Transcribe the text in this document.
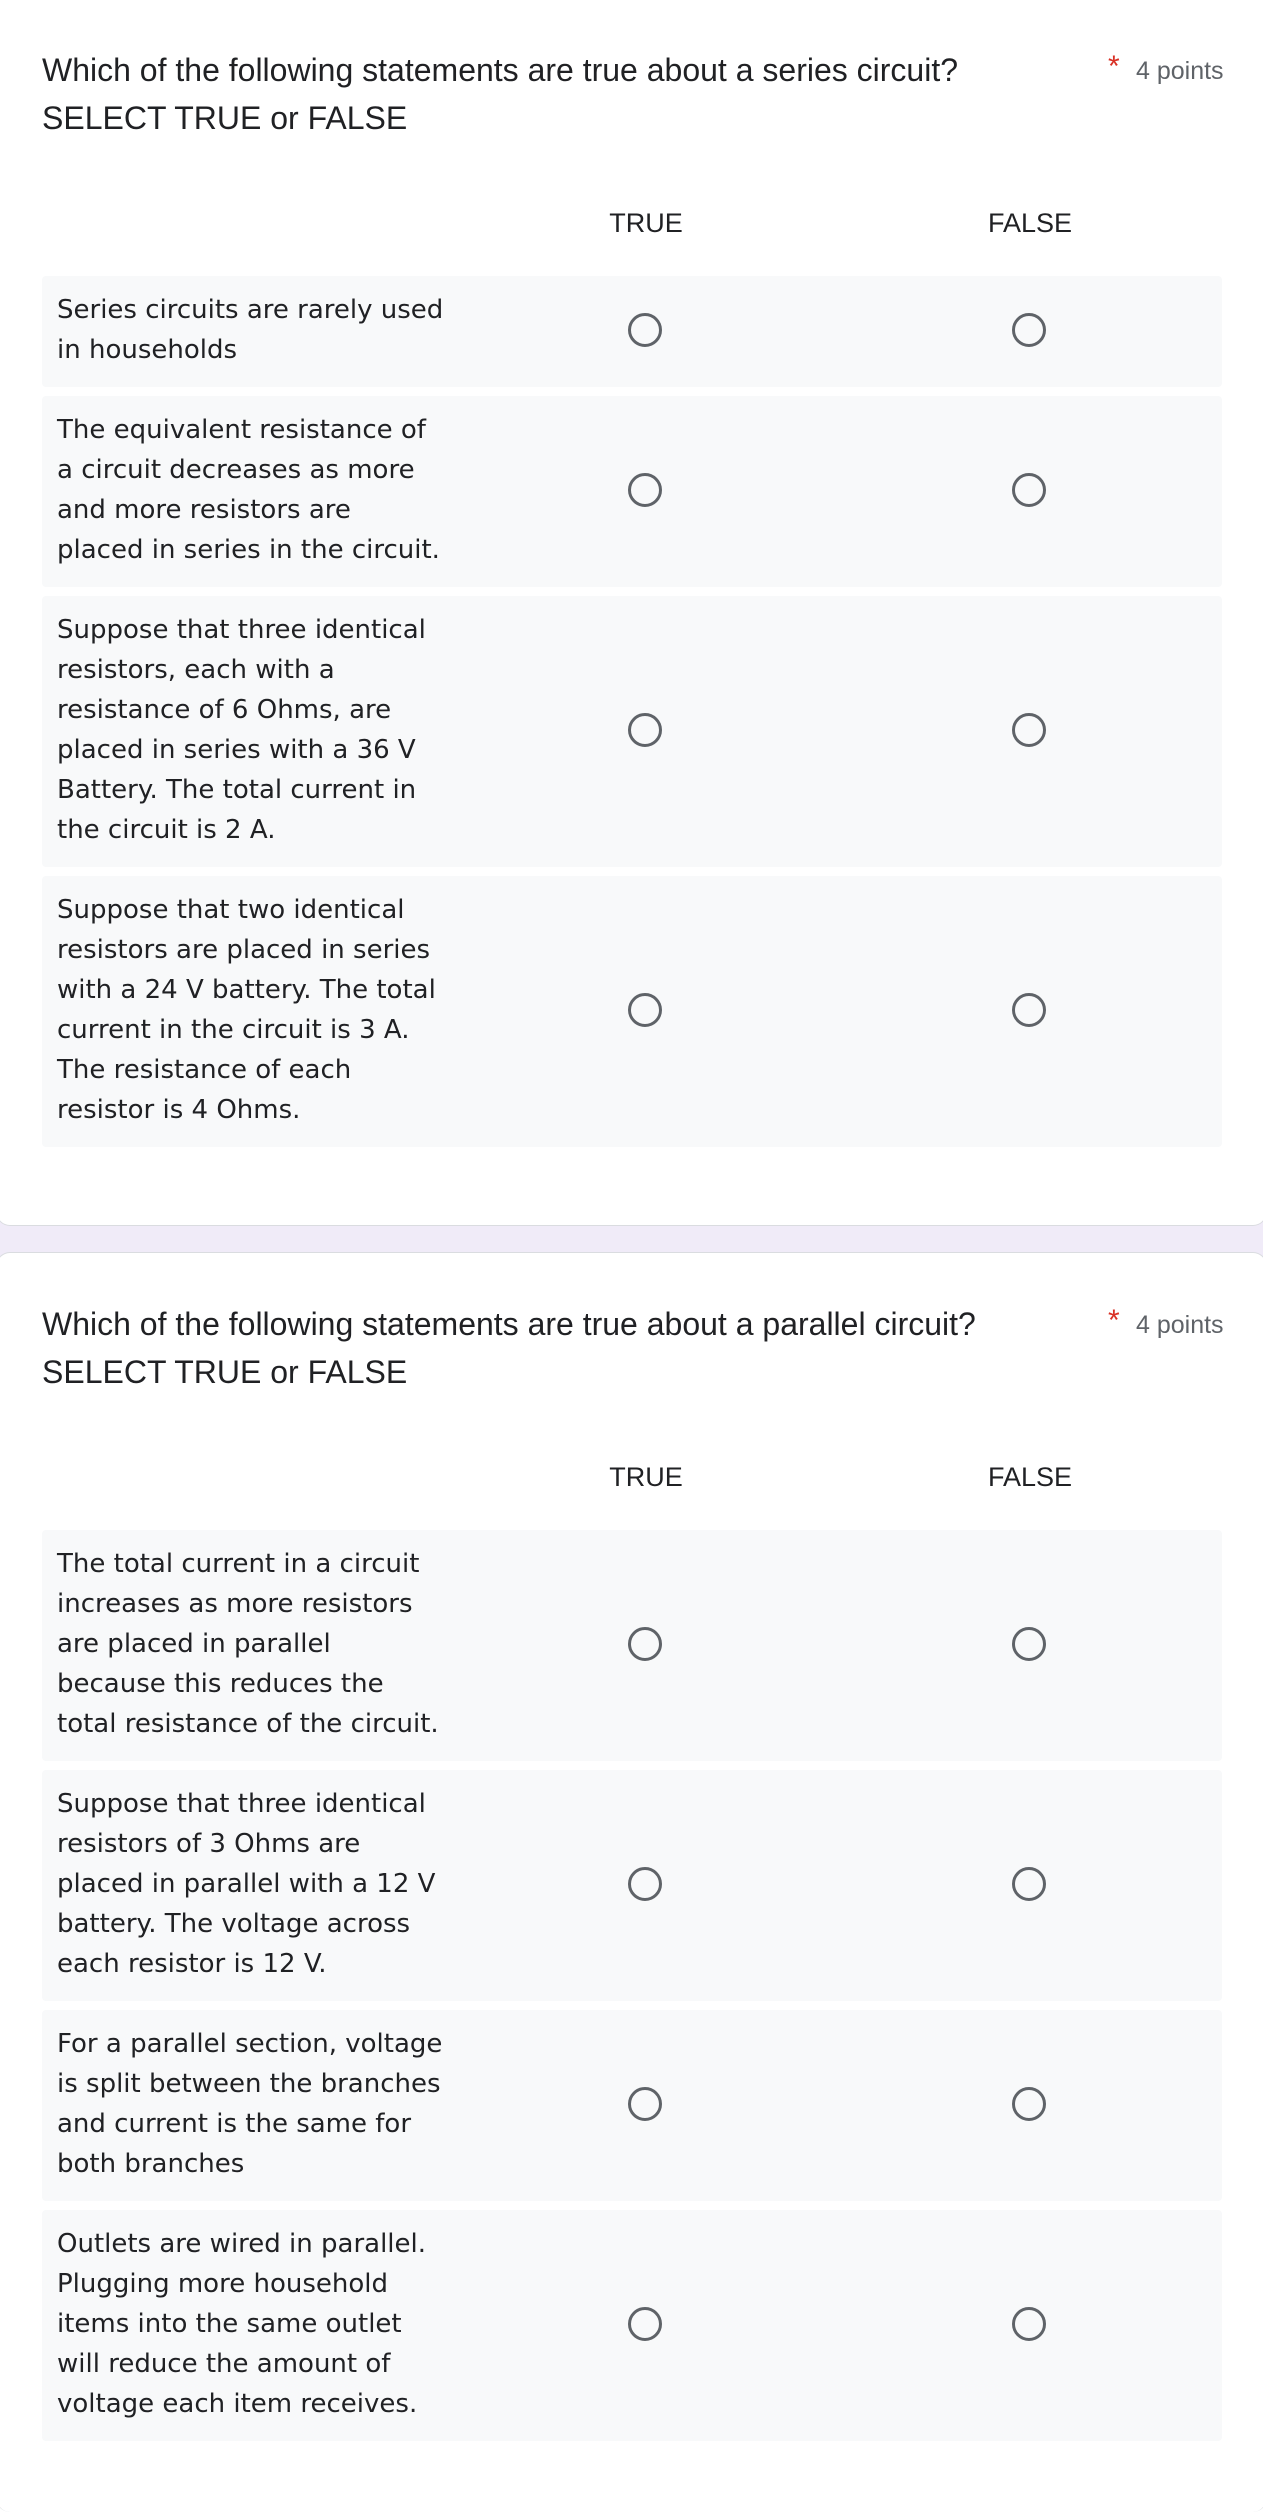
Which of the following statements are true about a series circuit?
SELECT TRUE or FALSE
* 4 points
TRUE	FALSE
Series circuits are rarely used
in households
The equivalent resistance of
a circuit decreases as more
and more resistors are
placed in series in the circuit.
Suppose that three identical
resistors, each with a
resistance of 6 Ohms, are
placed in series with a 36 V
Battery. The total current in
the circuit is 2 A.
Suppose that two identical
resistors are placed in series
with a 24 V battery. The total
current in the circuit is 3 A.
The resistance of each
resistor is 4 Ohms.
Which of the following statements are true about a parallel circuit?
SELECT TRUE or FALSE
* 4 points
TRUE	FALSE
The total current in a circuit
increases as more resistors
are placed in parallel
because this reduces the
total resistance of the circuit.
Suppose that three identical
resistors of 3 Ohms are
placed in parallel with a 12 V
battery. The voltage across
each resistor is 12 V.
For a parallel section, voltage
is split between the branches
and current is the same for
both branches
Outlets are wired in parallel.
Plugging more household
items into the same outlet
will reduce the amount of
voltage each item receives.
